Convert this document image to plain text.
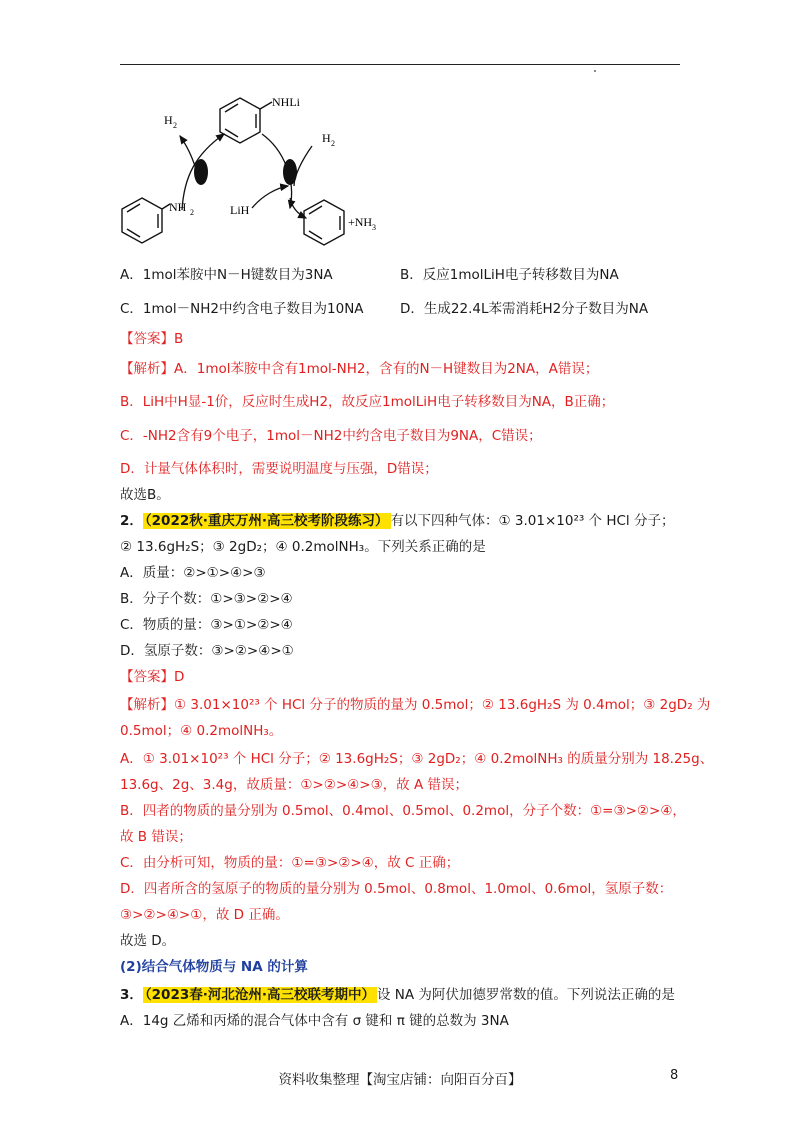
NHLi
H 2
H 2
NH 2	LiH
+NH 3
A．1mol苯胺中N－H键数目为3NA	B．反应1molLiH电子转移数目为NA
C．1mol－NH2中约含电子数目为10NA	D．生成22.4L苯需消耗H2分子数目为NA
【答案】B
【解析】A．1mol苯胺中含有1mol-NH2，含有的N－H键数目为2NA，A错误；
B．LiH中H显-1价，反应时生成H2，故反应1molLiH电子转移数目为NA，B正确；
C．-NH2含有9个电子，1mol－NH2中约含电子数目为9NA，C错误；
D．计量气体体积时，需要说明温度与压强，D错误；
故选B。
2． （2022秋·重庆万州·高三校考阶段练习） 有以下四种气体：① 3.01×10²³ 个 HCl 分子；
② 13.6gH₂S；③ 2gD₂；④ 0.2molNH₃。下列关系正确的是
A．质量：②>①>④>③
B．分子个数：①>③>②>④
C．物质的量：③>①>②>④
D．氢原子数：③>②>④>①
【答案】D
【解析】① 3.01×10²³ 个 HCl 分子的物质的量为 0.5mol；② 13.6gH₂S 为 0.4mol；③ 2gD₂ 为
0.5mol；④ 0.2molNH₃。
A．① 3.01×10²³ 个 HCl 分子；② 13.6gH₂S；③ 2gD₂；④ 0.2molNH₃ 的质量分别为 18.25g、
13.6g、2g、3.4g，故质量：①>②>④>③，故 A 错误；
B．四者的物质的量分别为 0.5mol、0.4mol、0.5mol、0.2mol，分子个数：①=③>②>④，
故 B 错误；
C．由分析可知，物质的量：①=③>②>④，故 C 正确；
D．四者所含的氢原子的物质的量分别为 0.5mol、0.8mol、1.0mol、0.6mol，氢原子数：
③>②>④>①，故 D 正确。
故选 D。
(2)结合气体物质与 NA 的计算
3． （2023春·河北沧州·高三校联考期中） 设 NA 为阿伏加德罗常数的值。下列说法正确的是
A．14g 乙烯和丙烯的混合气体中含有 σ 键和 π 键的总数为 3NA
资料收集整理【淘宝店铺：向阳百分百】	8
